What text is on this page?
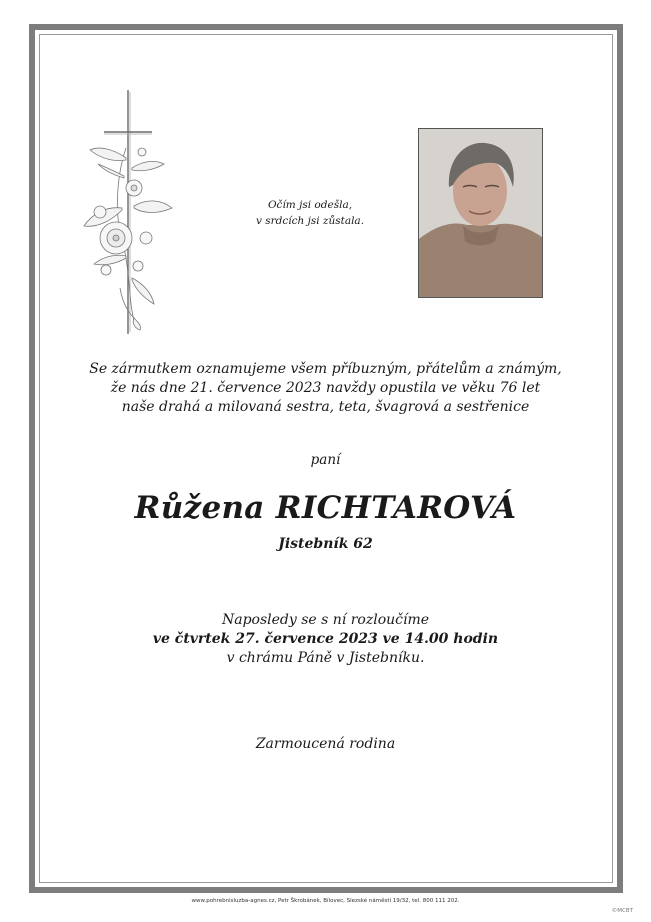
Očím jsi odešla,
v srdcích jsi zůstala.
Se zármutkem oznamujeme všem příbuzným, přátelům a známým,
že nás dne 21. července 2023 navždy opustila ve věku 76 let
naše drahá a milovaná sestra, teta, švagrová a sestřenice
paní
Růžena RICHTAROVÁ
Jistebník 62
Naposledy se s ní rozloučíme
ve čtvrtek 27. července 2023 ve 14.00 hodin
v chrámu Páně v Jistebníku.
Zarmoucená rodina
www.pohrebnisluzba-agnes.cz, Petr Škrobánek, Bílovec, Slezské náměstí 19/32, tel. 800 111 202.
©MCBT
